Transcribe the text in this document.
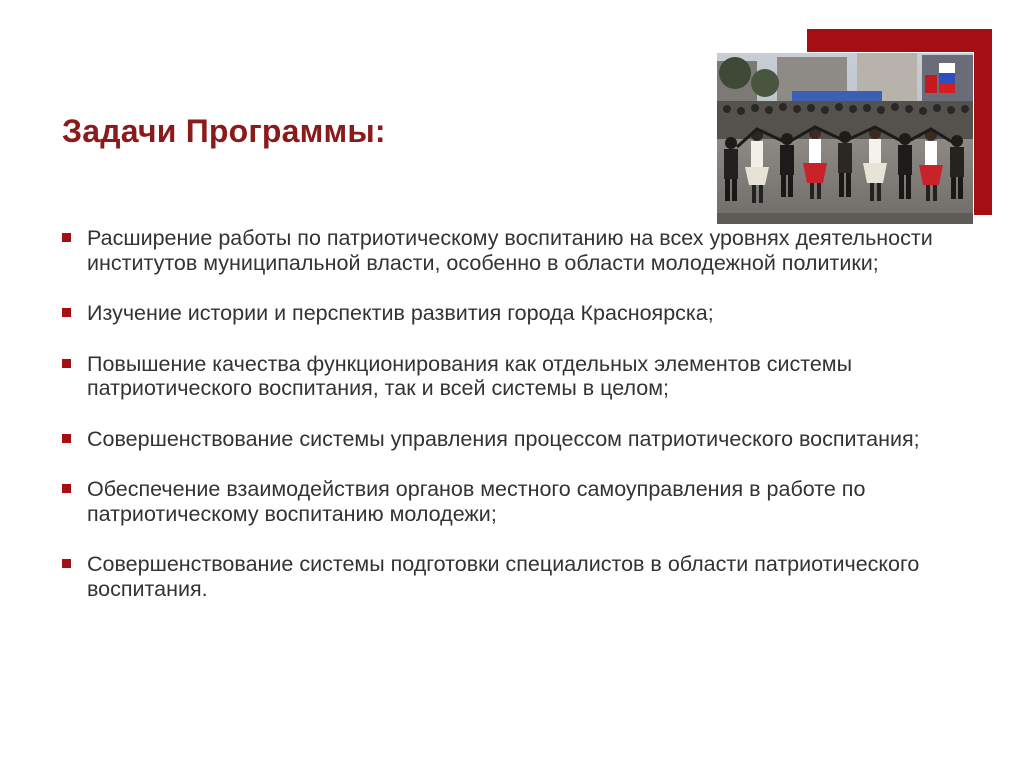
Задачи Программы:
Расширение работы по патриотическому воспитанию на всех уровнях деятельности институтов муниципальной власти, особенно в области молодежной политики;
Изучение истории и перспектив развития города Красноярска;
Повышение качества функционирования как отдельных элементов системы патриотического воспитания, так и всей системы в целом;
Совершенствование системы управления процессом патриотического воспитания;
Обеспечение взаимодействия органов местного самоуправления в работе по патриотическому воспитанию молодежи;
Совершенствование системы подготовки специалистов в области патриотического воспитания.
